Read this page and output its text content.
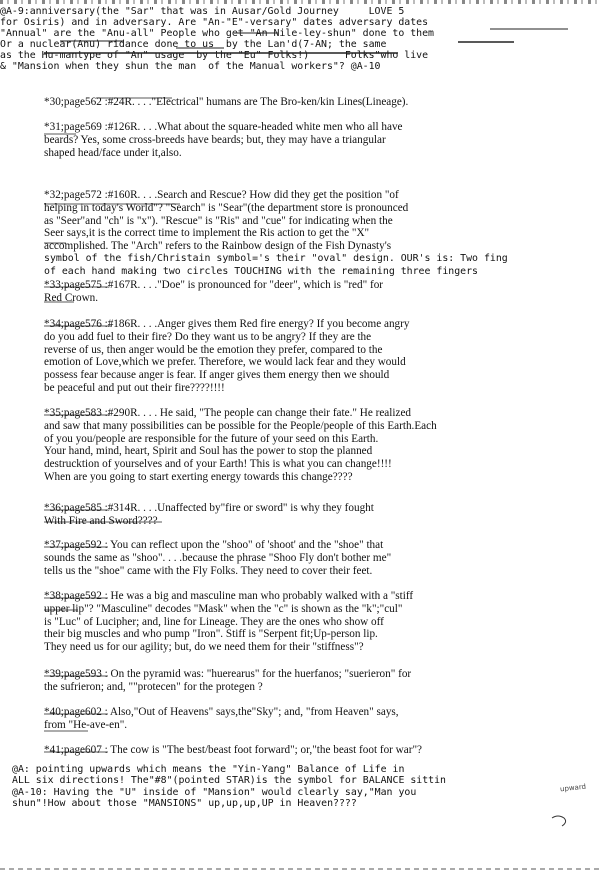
@A-9:anniversary(the "Sar" that was in Ausar/Gold Journey     LOVE 5
for Osiris) and in adversary. Are "An-"E"-versary" dates adversary dates
"Annual" are the "Anu-all" People who get "An-Nile-ley-shun" done to them
Or a nuclear(Anu) ridance done to us  by the Lan'd(7-AN; the same
as the Hu-mantype of "An" usage  by the "Eu" Folks!)      Folks"who live
& "Mansion when they shun the man  of the Manual workers"? @A-10
*30;page562 :#24R. . . ."Electrical" humans are The Bro-ken/kin Lines(Lineage).
*31;page569 :#126R. . . .What about the square-headed white men who all have
beards? Yes, some cross-breeds have beards; but, they may have a triangular
shaped head/face under it,also.
*32;page572 :#160R. . . .Search and Rescue? How did they get the position "of
helping in today's World"? "Search" is "Sear"(the department store is pronounced
as "Seer"and "ch" is "x"). "Rescue" is "Ris" and "cue" for indicating when the
Seer says,it is the correct time to implement the Ris action to get the "X"
accomplished. The "Arch" refers to the Rainbow design of the Fish Dynasty's
symbol of the fish/Christain symbol='s their "oval" design. OUR's is: Two fing
of each hand making two circles TOUCHING with the remaining three fingers
*33;page575 :#167R. . . ."Doe" is pronounced for "deer", which is "red" for
Red Crown.
*34;page576 :#186R. . . .Anger gives them Red fire energy? If you become angry
do you add fuel to their fire? Do they want us to be angry? If they are the
reverse of us, then anger would be the emotion they prefer, compared to the
emotion of Love,which we prefer. Therefore, we would lack fear and they would
possess fear because anger is fear. If anger gives them energy then we should
be peaceful and put out their fire????!!!!
*35;page583 :#290R. . . . He said, "The people can change their fate." He realized
and saw that many possibilities can be possible for the People/people of this Earth.Each
of you you/people are responsible for the future of your seed on this Earth.
Your hand, mind, heart, Spirit and Soul has the power to stop the planned
destrucktion of yourselves and of your Earth! This is what you can change!!!!
When are you going to start exerting energy towards this change????
*36;page585 :#314R. . . .Unaffected by"fire or sword" is why they fought
With Fire and Sword????
*37;page592 : You can reflect upon the "shoo" of 'shoot' and the "shoe" that
sounds the same as "shoo". . . .because the phrase "Shoo Fly don't bother me"
tells us the "shoe" came with the Fly Folks. They need to cover their feet.
*38;page592 : He was a big and masculine man who probably walked with a "stiff
upper lip"? "Masculine" decodes "Mask" when the "c" is shown as the "k";"cul"
is "Luc" of Lucipher; and, line for Lineage. They are the ones who show off
their big muscles and who pump "Iron". Stiff is "Serpent fit;Up-person lip.
They need us for our agility; but, do we need them for their "stiffness"?
*39;page593 : On the pyramid was: "huerearus" for the huerfanos; "suerieron" for
the sufrieron; and, ""protecen" for the protegen ?
*40;page602 : Also,"Out of Heavens" says,the"Sky"; and, "from Heaven" says,
from "He-ave-en".
*41;page607 : The cow is "The best/beast foot forward"; or,"the beast foot for war"?
@A: pointing upwards which means the "Yin-Yang" Balance of Life in
ALL six directions! The"#8"(pointed STAR)is the symbol for BALANCE sittin
@A-10: Having the "U" inside of "Mansion" would clearly say,"Man you
shun"!How about those "MANSIONS" up,up,up,UP in Heaven????
upward
